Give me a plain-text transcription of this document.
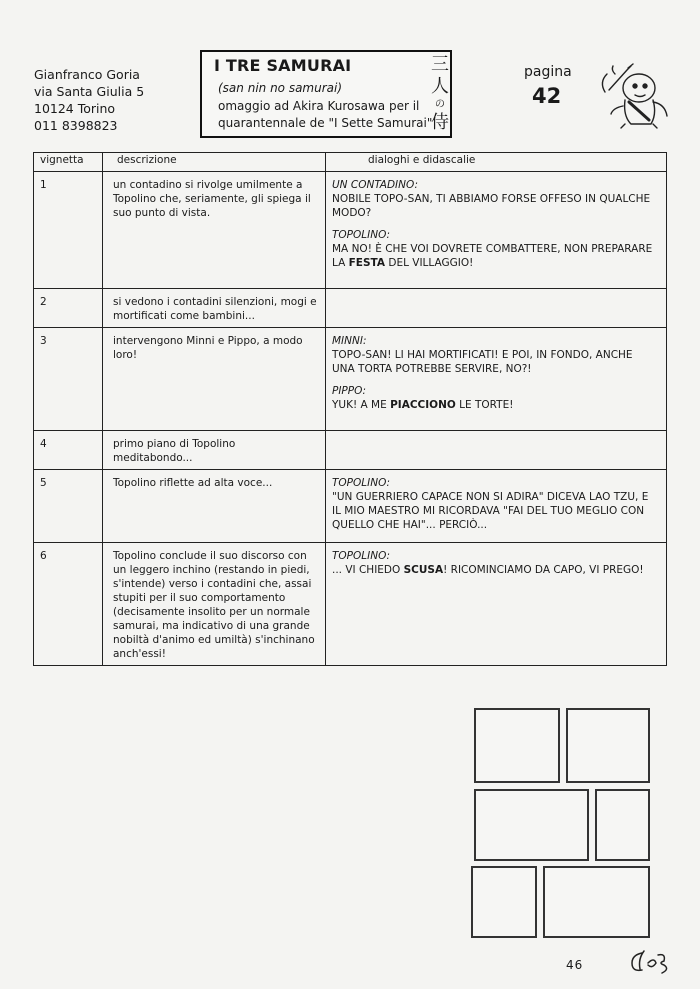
Gianfranco Goria
via Santa Giulia 5
10124 Torino
011 8398823
I TRE SAMURAI
(san nin no samurai)
omaggio ad Akira Kurosawa per il
quarantennale de "I Sette Samurai"
三
人
の
侍
pagina
42
vignetta	descrizione	dialoghi e didascalie
1	un contadino si rivolge umilmente a Topolino che, seriamente, gli spiega il suo punto di vista.	UN CONTADINO:
NOBILE TOPO-SAN, TI ABBIAMO FORSE OFFESO IN QUALCHE MODO?
TOPOLINO:
MA NO! È CHE VOI DOVRETE COMBATTERE, NON PREPARARE LA FESTA DEL VILLAGGIO!

2	si vedono i contadini silenzioni, mogi e mortificati come bambini...	
3	intervengono Minni e Pippo, a modo loro!	MINNI:
TOPO-SAN! LI HAI MORTIFICATI! E POI, IN FONDO, ANCHE UNA TORTA POTREBBE SERVIRE, NO?!
PIPPO:
YUK! A ME PIACCIONO LE TORTE!

4	primo piano di Topolino meditabondo...	
5	Topolino riflette ad alta voce...	TOPOLINO:
"UN GUERRIERO CAPACE NON SI ADIRA" DICEVA LAO TZU, E IL MIO MAESTRO MI RICORDAVA "FAI DEL TUO MEGLIO CON QUELLO CHE HAI"... PERCIÒ...

6	Topolino conclude il suo discorso con un leggero inchino (restando in piedi, s'intende) verso i contadini che, assai stupiti per il suo comportamento (decisamente insolito per un normale samurai, ma indicativo di una grande nobiltà d'animo ed umiltà) s'inchinano anch'essi!	TOPOLINO:
... VI CHIEDO SCUSA! RICOMINCIAMO DA CAPO, VI PREGO!
46
